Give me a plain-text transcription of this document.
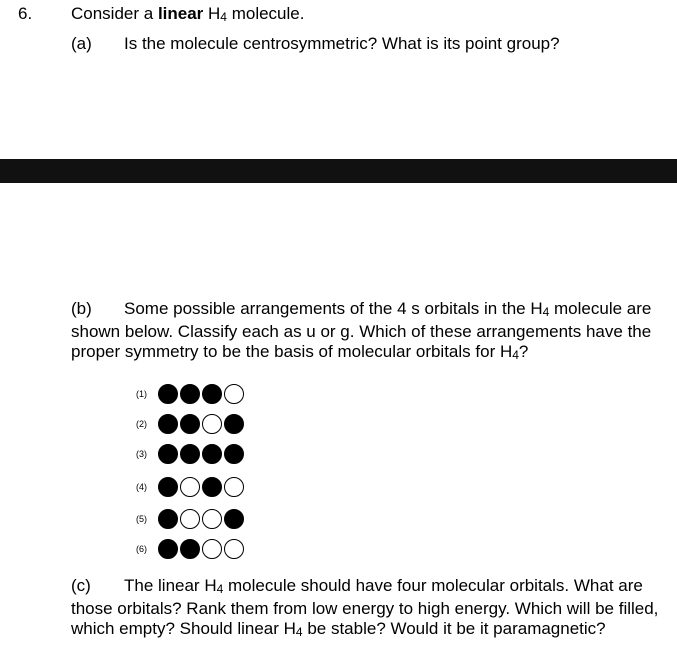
6. Consider a linear $H_4$ molecule.
(a) Is the molecule centrosymmetric? What is its point group?
(b) Some possible arrangements of the 4 s orbitals in the $H_4$ molecule are shown below. Classify each as u or g. Which of these arrangements have the proper symmetry to be the basis of molecular orbitals for $H_4$?
(1)
(2)
(3)
(4)
(5)
(6)
(c) The linear $H_4$ molecule should have four molecular orbitals. What are those orbitals? Rank them from low energy to high energy. Which will be filled, which empty? Should linear $H_4$ be stable? Would it be it paramagnetic?
